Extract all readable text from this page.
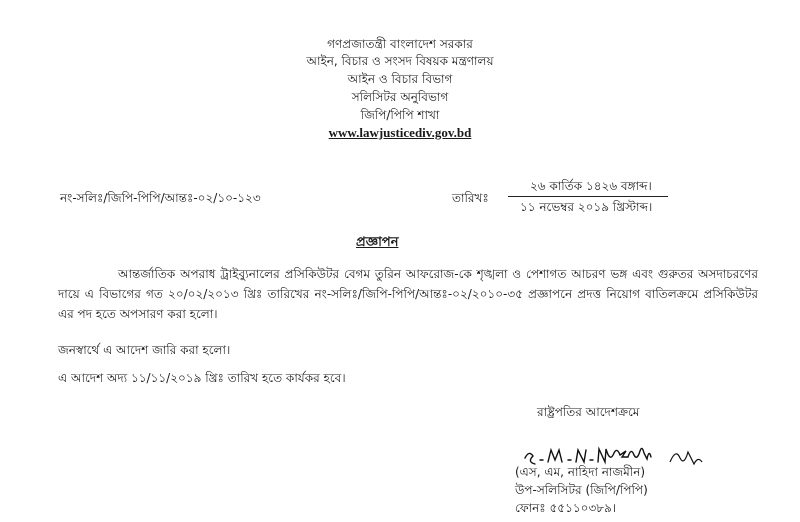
গণপ্রজাতন্ত্রী বাংলাদেশ সরকার
আইন, বিচার ও সংসদ বিষয়ক মন্ত্রণালয়
আইন ও বিচার বিভাগ
সলিসিটর অনুবিভাগ
জিপি/পিপি শাখা
www.lawjusticediv.gov.bd
নং-সলিঃ/জিপি-পিপি/আন্তঃ-০২/১০-১২৩	তারিখঃ
২৬ কার্তিক ১৪২৬ বঙ্গাব্দ।
১১ নভেম্বর ২০১৯ খ্রিস্টাব্দ।
প্রজ্ঞাপন
আন্তর্জাতিক অপরাধ ট্রাইব্যুনালের প্রসিকিউটর বেগম তুরিন আফরোজ-কে শৃঙ্খলা ও পেশাগত আচরণ ভঙ্গ এবং গুরুতর অসদাচরণের দায়ে এ বিভাগের গত ২০/০২/২০১৩ খ্রিঃ তারিখের নং-সলিঃ/জিপি-পিপি/আন্তঃ-০২/২০১০-৩৫ প্রজ্ঞাপনে প্রদত্ত নিয়োগ বাতিলক্রমে প্রসিকিউটর এর পদ হতে অপসারণ করা হলো।
জনস্বার্থে এ আদেশ জারি করা হলো।
এ আদেশ অদ্য ১১/১১/২০১৯ খ্রিঃ তারিখ হতে কার্যকর হবে।
রাষ্ট্রপতির আদেশক্রমে
(এস, এম, নাহিদা নাজমীন)
উপ-সলিসিটর (জিপি/পিপি)
ফোনঃ ৫৫১১০৩৮৯।
